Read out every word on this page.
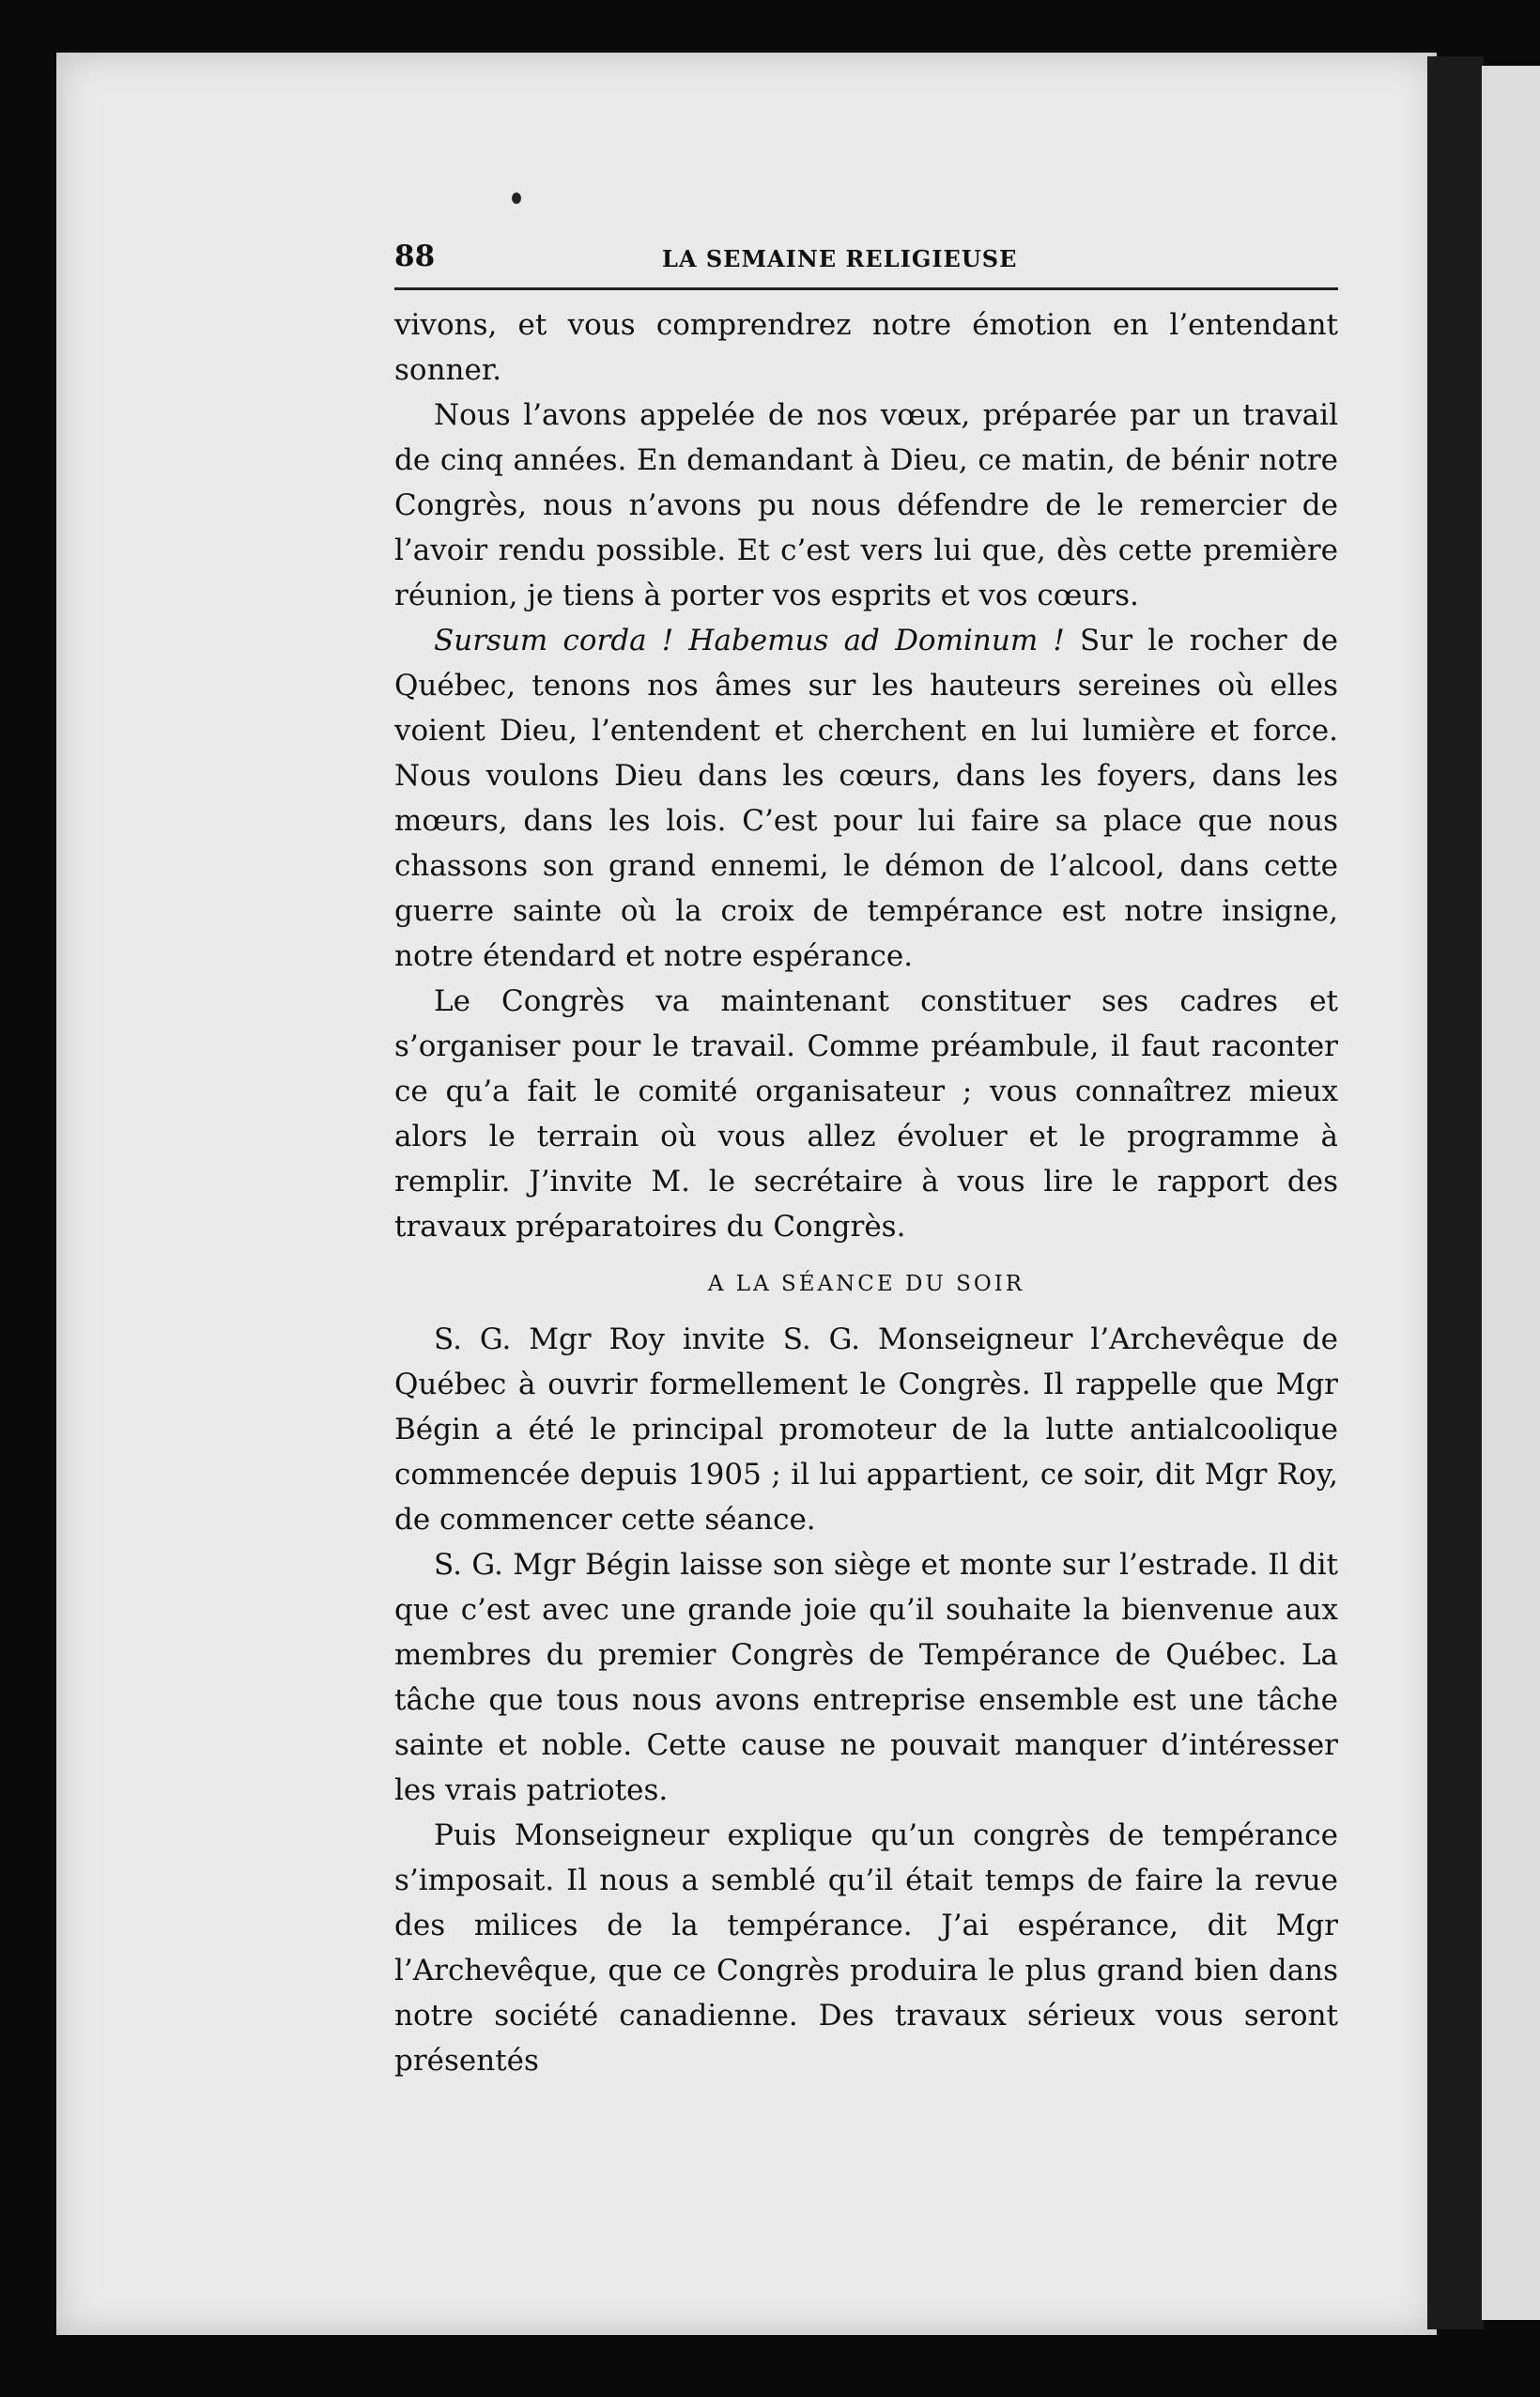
88	LA SEMAINE RELIGIEUSE

vivons, et vous comprendrez notre émotion en l’entendant sonner.

Nous l’avons appelée de nos vœux, préparée par un travail de cinq années. En demandant à Dieu, ce matin, de bénir notre Congrès, nous n’avons pu nous défendre de le remercier de l’avoir rendu possible. Et c’est vers lui que, dès cette première réunion, je tiens à porter vos esprits et vos cœurs.

Sursum corda ! Habemus ad Dominum ! Sur le rocher de Québec, tenons nos âmes sur les hauteurs sereines où elles voient Dieu, l’entendent et cherchent en lui lumière et force. Nous voulons Dieu dans les cœurs, dans les foyers, dans les mœurs, dans les lois. C’est pour lui faire sa place que nous chassons son grand ennemi, le démon de l’alcool, dans cette guerre sainte où la croix de tempérance est notre insigne, notre étendard et notre espérance.

Le Congrès va maintenant constituer ses cadres et s’organiser pour le travail. Comme préambule, il faut raconter ce qu’a fait le comité organisateur ; vous connaîtrez mieux alors le terrain où vous allez évoluer et le programme à remplir. J’invite M. le secrétaire à vous lire le rapport des travaux préparatoires du Congrès.

A LA SÉANCE DU SOIR

S. G. Mgr Roy invite S. G. Monseigneur l’Archevêque de Québec à ouvrir formellement le Congrès. Il rappelle que Mgr Bégin a été le principal promoteur de la lutte antialcoolique commencée depuis 1905 ; il lui appartient, ce soir, dit Mgr Roy, de commencer cette séance.

S. G. Mgr Bégin laisse son siège et monte sur l’estrade. Il dit que c’est avec une grande joie qu’il souhaite la bienvenue aux membres du premier Congrès de Tempérance de Québec. La tâche que tous nous avons entreprise ensemble est une tâche sainte et noble. Cette cause ne pouvait manquer d’intéresser les vrais patriotes.

Puis Monseigneur explique qu’un congrès de tempérance s’imposait. Il nous a semblé qu’il était temps de faire la revue des milices de la tempérance. J’ai espérance, dit Mgr l’Archevêque, que ce Congrès produira le plus grand bien dans notre société canadienne. Des travaux sérieux vous seront présentés
